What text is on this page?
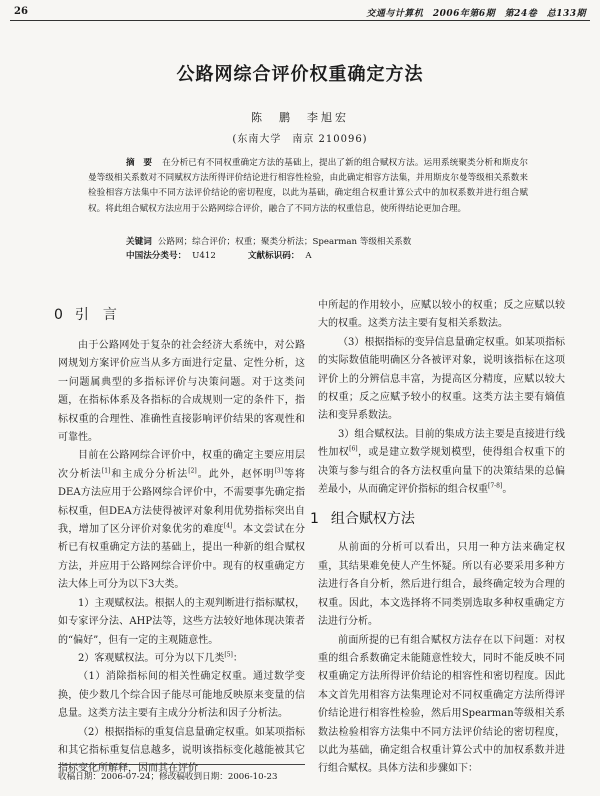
26	交通与计算机　2006年第6期　第24卷　总133期
公路网综合评价权重确定方法
陈　鹏　李旭宏
(东南大学　南京 210096)
摘　要 在分析已有不同权重确定方法的基础上，提出了新的组合赋权方法。运用系统聚类分析和斯皮尔曼等级相关系数对不同赋权方法所得评价结论进行相容性检验，由此确定相容方法集，并用斯皮尔曼等级相关系数来检验相容方法集中不同方法评价结论的密切程度，以此为基础，确定组合权重计算公式中的加权系数并进行组合赋权。将此组合赋权方法应用于公路网综合评价，融合了不同方法的权重信息，使所得结论更加合理。
关键词 公路网；综合评价；权重；聚类分析法；Spearman 等级相关系数
中国法分类号： U412	文献标识码： A
0 引　言

由于公路网处于复杂的社会经济大系统中，对公路网规划方案评价应当从多方面进行定量、定性分析，这一问题属典型的多指标评价与决策问题。对于这类问题，在指标体系及各指标的合成规则一定的条件下，指标权重的合理性、准确性直接影响评价结果的客观性和可靠性。

目前在公路网综合评价中，权重的确定主要应用层次分析法[1]和主成分分析法[2]。此外，赵怀明[3]等将DEA方法应用于公路网综合评价中，不需要事先确定指标权重，但DEA方法使得被评对象利用优势指标突出自我，增加了区分评价对象优劣的难度[4]。本文尝试在分析已有权重确定方法的基础上，提出一种新的组合赋权方法，并应用于公路网综合评价中。现有的权重确定方法大体上可分为以下3大类。

1）主观赋权法。根据人的主观判断进行指标赋权，如专家评分法、AHP法等，这些方法较好地体现决策者的“偏好”，但有一定的主观随意性。

2）客观赋权法。可分为以下几类[5]：

（1）消除指标间的相关性确定权重。通过数学变换，使少数几个综合因子能尽可能地反映原来变量的信息量。这类方法主要有主成分分析法和因子分析法。

（2）根据指标的重复信息量确定权重。如某项指标和其它指标重复信息越多，说明该指标变化越能被其它指标变化所解释，因而其在评价

中所起的作用较小，应赋以较小的权重；反之应赋以较大的权重。这类方法主要有复相关系数法。

（3）根据指标的变异信息量确定权重。如某项指标的实际数值能明确区分各被评对象，说明该指标在这项评价上的分辨信息丰富，为提高区分精度，应赋以较大的权重；反之应赋予较小的权重。这类方法主要有熵值法和变异系数法。

3）组合赋权法。目前的集成方法主要是直接进行线性加权[6]，或是建立数学规划模型，使得组合权重下的决策与参与组合的各方法权重向量下的决策结果的总偏差最小，从而确定评价指标的组合权重[7-8]。

1 组合赋权方法

从前面的分析可以看出，只用一种方法来确定权重，其结果难免使人产生怀疑。所以有必要采用多种方法进行各自分析，然后进行组合，最终确定较为合理的权重。因此，本文选择将不同类别选取多种权重确定方法进行分析。

前面所提的已有组合赋权方法存在以下问题：对权重的组合系数确定未能随意性较大，同时不能反映不同权重确定方法所得评价结论的相容性和密切程度。因此本文首先用相容方法集理论对不同权重确定方法所得评价结论进行相容性检验，然后用Spearman等级相关系数法检验相容方法集中不同方法评价结论的密切程度，以此为基础，确定组合权重计算公式中的加权系数并进行组合赋权。具体方法和步骤如下：

收稿日期：2006-07-24；修改稿收到日期：2006-10-23
